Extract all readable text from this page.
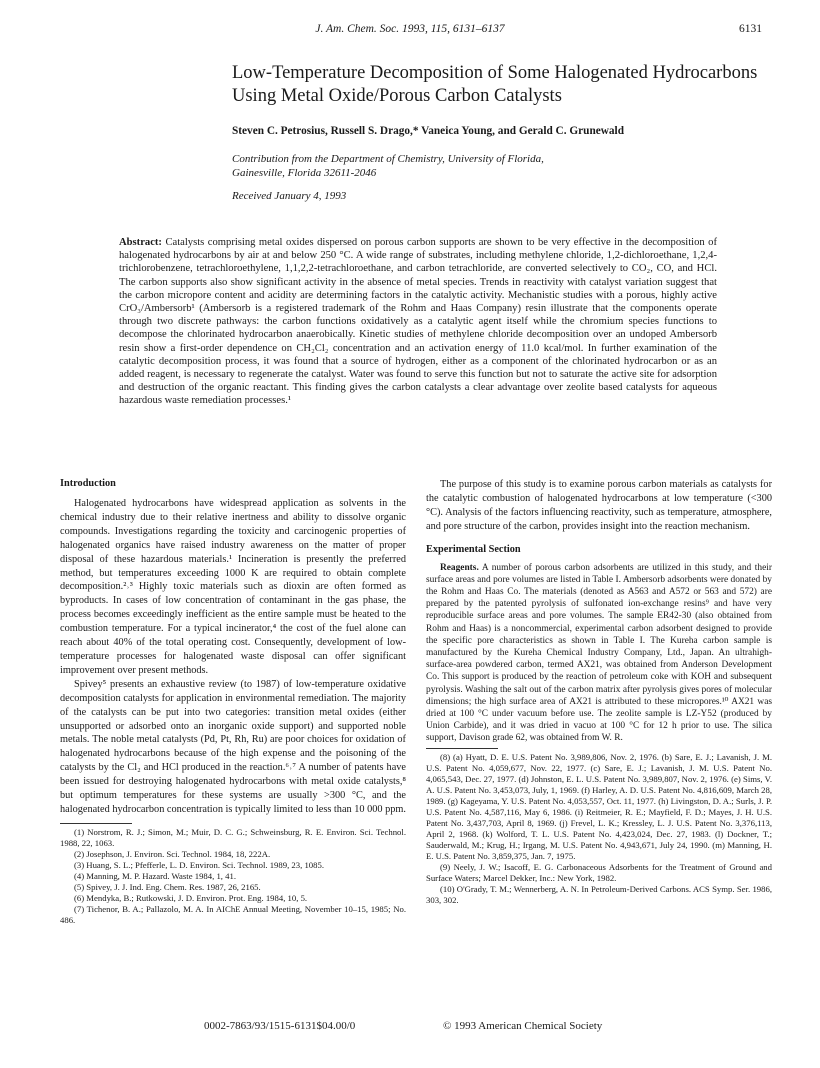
J. Am. Chem. Soc. 1993, 115, 6131–6137	6131
Low-Temperature Decomposition of Some Halogenated Hydrocarbons Using Metal Oxide/Porous Carbon Catalysts
Steven C. Petrosius, Russell S. Drago,* Vaneica Young, and Gerald C. Grunewald
Contribution from the Department of Chemistry, University of Florida,
Gainesville, Florida 32611-2046
Received January 4, 1993
Abstract: Catalysts comprising metal oxides dispersed on porous carbon supports are shown to be very effective in the decomposition of halogenated hydrocarbons by air at and below 250 °C. A wide range of substrates, including methylene chloride, 1,2-dichloroethane, 1,2,4-trichlorobenzene, tetrachloroethylene, 1,1,2,2-tetrachloroethane, and carbon tetrachloride, are converted selectively to CO₂, CO, and HCl. The carbon supports also show significant activity in the absence of metal species. Trends in reactivity with catalyst variation suggest that the carbon micropore content and acidity are determining factors in the catalytic activity. Mechanistic studies with a porous, highly active CrO₃/Ambersorb¹ (Ambersorb is a registered trademark of the Rohm and Haas Company) resin illustrate that the components operate through two discrete pathways: the carbon functions oxidatively as a catalytic agent itself while the chromium species functions to decompose the chlorinated hydrocarbon anaerobically. Kinetic studies of methylene chloride decomposition over an undoped Ambersorb resin show a first-order dependence on CH₂Cl₂ concentration and an activation energy of 11.0 kcal/mol. In further examination of the catalytic decomposition process, it was found that a source of hydrogen, either as a component of the chlorinated hydrocarbon or as an added reagent, is necessary to regenerate the catalyst. Water was found to serve this function but not to saturate the active site for adsorption and destruction of the organic reactant. This finding gives the carbon catalysts a clear advantage over zeolite based catalysts for aqueous hazardous waste remediation processes.¹
Introduction

Halogenated hydrocarbons have widespread application as solvents in the chemical industry due to their relative inertness and ability to dissolve organic compounds. Investigations regarding the toxicity and carcinogenic properties of halogenated organics have raised industry awareness on the matter of proper disposal of these hazardous materials.¹ Incineration is presently the preferred method, but temperatures exceeding 1000 K are required to obtain complete decomposition.²˒³ Highly toxic materials such as dioxin are often formed as byproducts. In cases of low concentration of contaminant in the gas phase, the process becomes exceedingly inefficient as the entire sample must be heated to the combustion temperature. For a typical incinerator,⁴ the cost of the fuel alone can reach about 40% of the total operating cost. Consequently, development of low-temperature processes for halogenated waste disposal can offer significant improvement over present methods.

Spivey⁵ presents an exhaustive review (to 1987) of low-temperature oxidative decomposition catalysts for application in environmental remediation. The majority of the catalysts can be put into two categories: transition metal oxides (either unsupported or adsorbed onto an inorganic oxide support) and supported noble metals. The noble metal catalysts (Pd, Pt, Rh, Ru) are poor choices for oxidation of halogenated hydrocarbons because of the high expense and the poisoning of the catalysts by the Cl₂ and HCl produced in the reaction.⁶˒⁷ A number of patents have been issued for destroying halogenated hydrocarbons with metal oxide catalysts,⁸ but optimum temperatures for these systems are usually >300 °C, and the halogenated hydrocarbon concentration is typically limited to less than 10 000 ppm.

(1) Norstrom, R. J.; Simon, M.; Muir, D. C. G.; Schweinsburg, R. E. Environ. Sci. Technol. 1988, 22, 1063.
(2) Josephson, J. Environ. Sci. Technol. 1984, 18, 222A.
(3) Huang, S. L.; Pfefferle, L. D. Environ. Sci. Technol. 1989, 23, 1085.
(4) Manning, M. P. Hazard. Waste 1984, 1, 41.
(5) Spivey, J. J. Ind. Eng. Chem. Res. 1987, 26, 2165.
(6) Mendyka, B.; Rutkowski, J. D. Environ. Prot. Eng. 1984, 10, 5.
(7) Tichenor, B. A.; Pallazolo, M. A. In AIChE Annual Meeting, November 10–15, 1985; No. 486.

The purpose of this study is to examine porous carbon materials as catalysts for the catalytic combustion of halogenated hydrocarbons at low temperature (<300 °C). Analysis of the factors influencing reactivity, such as temperature, atmosphere, and pore structure of the carbon, provides insight into the reaction mechanism.

Experimental Section

Reagents. A number of porous carbon adsorbents are utilized in this study, and their surface areas and pore volumes are listed in Table I. Ambersorb adsorbents were donated by the Rohm and Haas Co. The materials (denoted as A563 and A572 or 563 and 572) are prepared by the patented pyrolysis of sulfonated ion-exchange resins⁹ and have very reproducible surface areas and pore volumes. The sample ER42-30 (also obtained from Rohm and Haas) is a noncommercial, experimental carbon adsorbent designed to provide the specific pore characteristics as shown in Table I. The Kureha carbon sample is manufactured by the Kureha Chemical Industry Company, Ltd., Japan. An ultrahigh-surface-area powdered carbon, termed AX21, was obtained from Anderson Development Co. This support is produced by the reaction of petroleum coke with KOH and subsequent pyrolysis. Washing the salt out of the carbon matrix after pyrolysis gives pores of molecular dimensions; the high surface area of AX21 is attributed to these micropores.¹⁰ AX21 was dried at 100 °C under vacuum before use. The zeolite sample is LZ-Y52 (produced by Union Carbide), and it was dried in vacuo at 100 °C for 12 h prior to use. The silica support, Davison grade 62, was obtained from W. R.

(8) (a) Hyatt, D. E. U.S. Patent No. 3,989,806, Nov. 2, 1976. (b) Sare, E. J.; Lavanish, J. M. U.S. Patent No. 4,059,677, Nov. 22, 1977. (c) Sare, E. J.; Lavanish, J. M. U.S. Patent No. 4,065,543, Dec. 27, 1977. (d) Johnston, E. L. U.S. Patent No. 3,989,807, Nov. 2, 1976. (e) Sims, V. A. U.S. Patent No. 3,453,073, July, 1, 1969. (f) Harley, A. D. U.S. Patent No. 4,816,609, March 28, 1989. (g) Kageyama, Y. U.S. Patent No. 4,053,557, Oct. 11, 1977. (h) Livingston, D. A.; Surls, J. P. U.S. Patent No. 4,587,116, May 6, 1986. (i) Reitmeier, R. E.; Mayfield, F. D.; Mayes, J. H. U.S. Patent No. 3,437,703, April 8, 1969. (j) Frevel, L. K.; Kressley, L. J. U.S. Patent No. 3,376,113, April 2, 1968. (k) Wolford, T. L. U.S. Patent No. 4,423,024, Dec. 27, 1983. (l) Dockner, T.; Sauderwald, M.; Krug, H.; Irgang, M. U.S. Patent No. 4,943,671, July 24, 1990. (m) Manning, H. E. U.S. Patent No. 3,859,375, Jan. 7, 1975.
(9) Neely, J. W.; Isacoff, E. G. Carbonaceous Adsorbents for the Treatment of Ground and Surface Waters; Marcel Dekker, Inc.: New York, 1982.
(10) O'Grady, T. M.; Wennerberg, A. N. In Petroleum-Derived Carbons. ACS Symp. Ser. 1986, 303, 302.
0002-7863/93/1515-6131$04.00/0	© 1993 American Chemical Society
